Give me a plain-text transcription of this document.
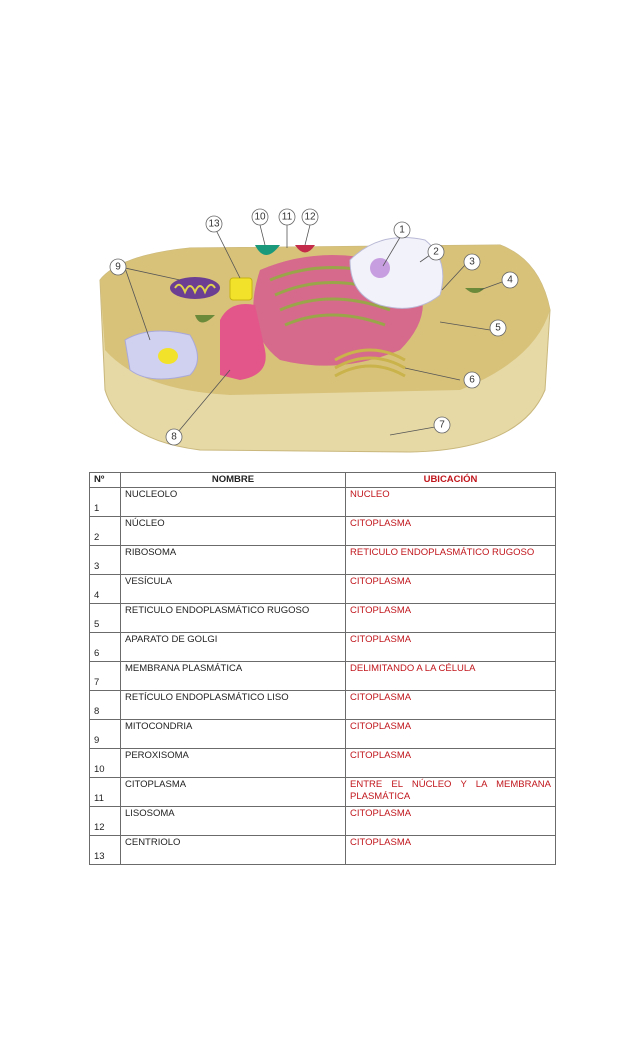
1
2
3
4
5
6
7
8
9
10 11 12
13
Nº	NOMBRE	UBICACIÓN
1	NUCLEOLO	NUCLEO
2	NÚCLEO	CITOPLASMA
3	RIBOSOMA	RETICULO ENDOPLASMÁTICO RUGOSO
4	VESÍCULA	CITOPLASMA
5	RETICULO ENDOPLASMÁTICO RUGOSO	CITOPLASMA
6	APARATO DE GOLGI	CITOPLASMA
7	MEMBRANA PLASMÁTICA	DELIMITANDO A LA CÉLULA
8	RETÍCULO ENDOPLASMÁTICO LISO	CITOPLASMA
9	MITOCONDRIA	CITOPLASMA
10	PEROXISOMA	CITOPLASMA
11	CITOPLASMA	ENTRE EL NÚCLEO Y LA MEMBRANA PLASMÁTICA
12	LISOSOMA	CITOPLASMA
13	CENTRIOLO	CITOPLASMA
